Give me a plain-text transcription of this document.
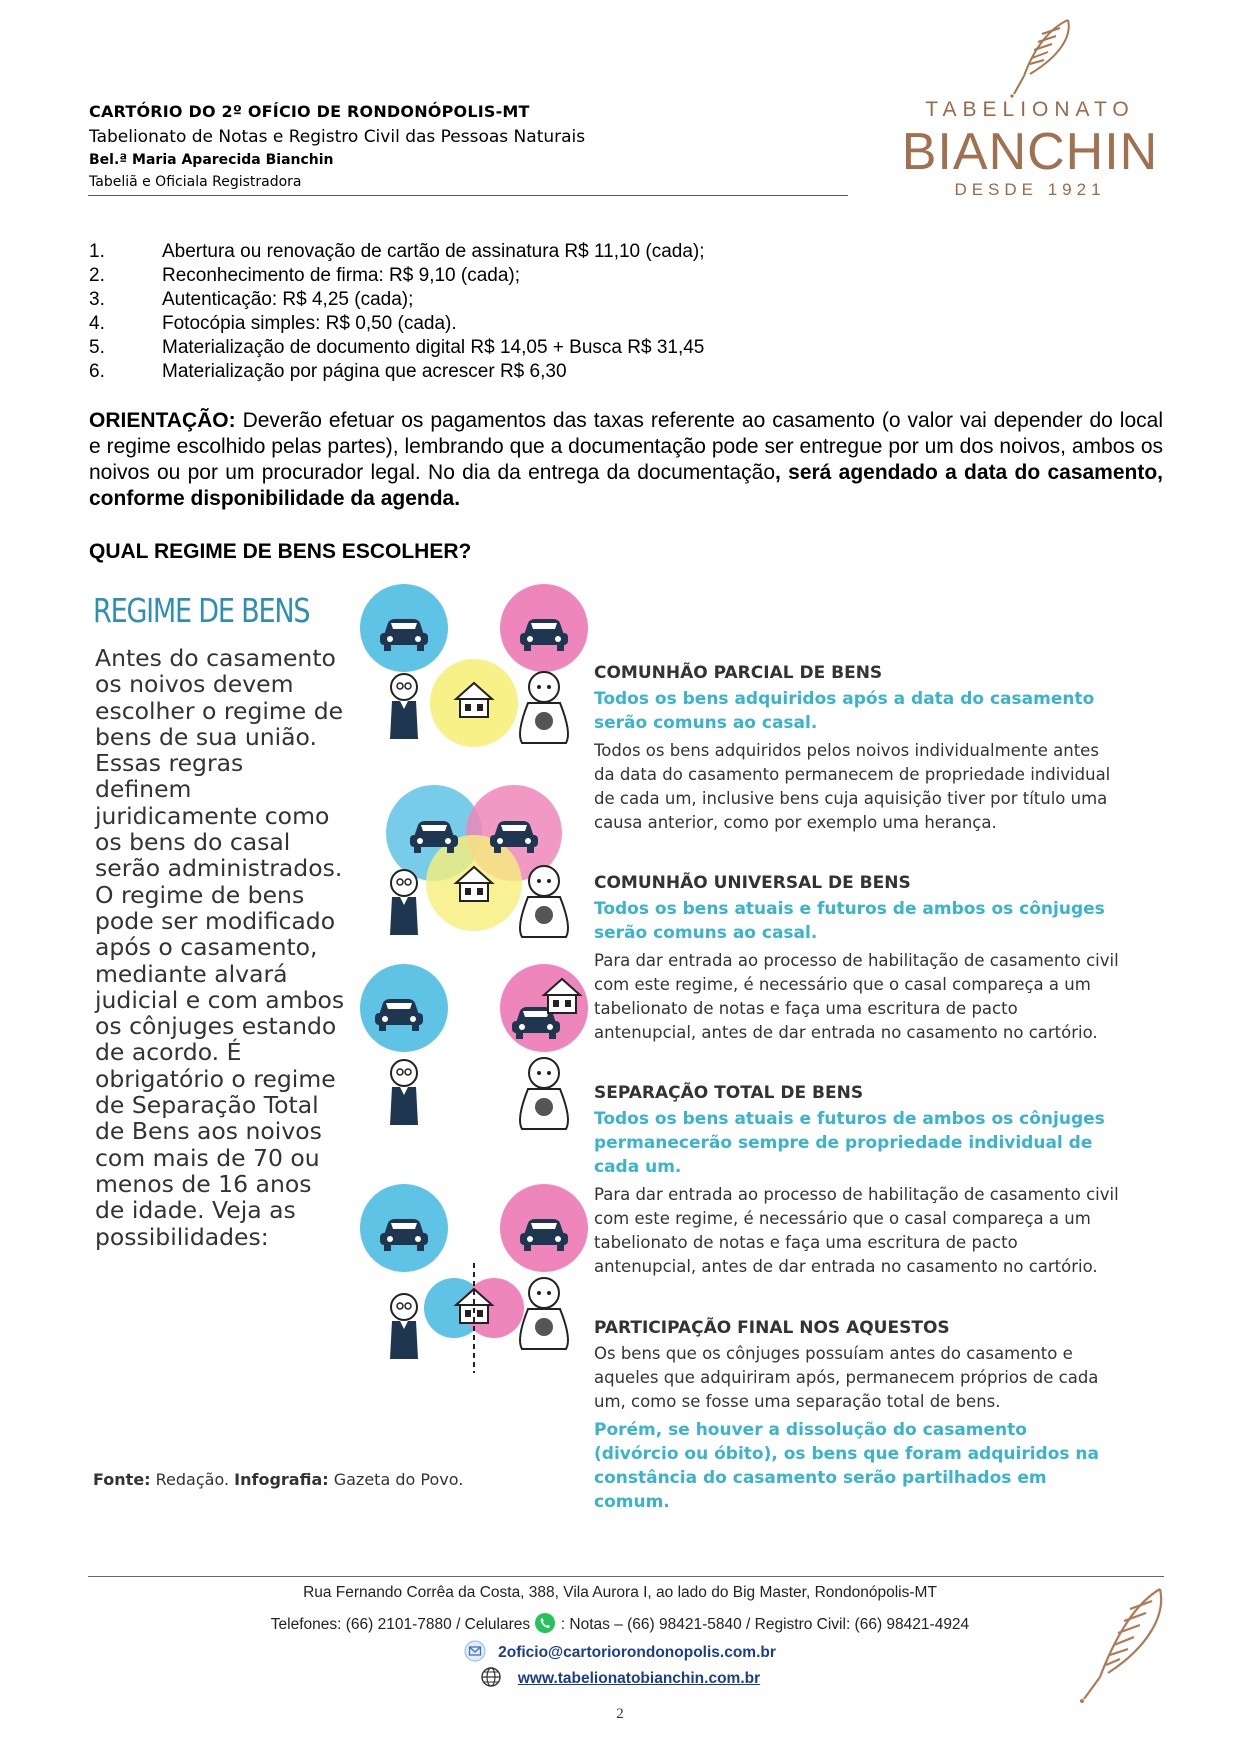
CARTÓRIO DO 2º OFÍCIO DE RONDONÓPOLIS-MT
Tabelionato de Notas e Registro Civil das Pessoas Naturais
Bel.ª Maria Aparecida Bianchin
Tabeliã e Oficiala Registradora
TABELIONATO
BIANCHIN
DESDE 1921
1.	Abertura ou renovação de cartão de assinatura R$ 11,10 (cada);
2.	Reconhecimento de firma: R$ 9,10 (cada);
3.	Autenticação: R$ 4,25 (cada);
4.	Fotocópia simples: R$ 0,50 (cada).
5.	Materialização de documento digital R$ 14,05 + Busca R$ 31,45
6.	Materialização por página que acrescer R$ 6,30
ORIENTAÇÃO: Deverão efetuar os pagamentos das taxas referente ao casamento (o valor vai depender do local e regime escolhido pelas partes), lembrando que a documentação pode ser entregue por um dos noivos, ambos os noivos ou por um procurador legal. No dia da entrega da documentação, será agendado a data do casamento, conforme disponibilidade da agenda.
QUAL REGIME DE BENS ESCOLHER?
REGIME DE BENS
Antes do casamento os noivos devem escolher o regime de bens de sua união. Essas regras definem juridicamente como os bens do casal serão administrados. O regime de bens pode ser modificado após o casamento, mediante alvará judicial e com ambos os cônjuges estando de acordo. É obrigatório o regime de Separação Total de Bens aos noivos com mais de 70 ou menos de 16 anos de idade. Veja as possibilidades:
COMUNHÃO PARCIAL DE BENS
Todos os bens adquiridos após a data do casamento serão comuns ao casal.
Todos os bens adquiridos pelos noivos individualmente antes da data do casamento permanecem de propriedade individual de cada um, inclusive bens cuja aquisição tiver por título uma causa anterior, como por exemplo uma herança.
COMUNHÃO UNIVERSAL DE BENS
Todos os bens atuais e futuros de ambos os cônjuges serão comuns ao casal.
Para dar entrada ao processo de habilitação de casamento civil com este regime, é necessário que o casal compareça a um tabelionato de notas e faça uma escritura de pacto antenupcial, antes de dar entrada no casamento no cartório.
SEPARAÇÃO TOTAL DE BENS
Todos os bens atuais e futuros de ambos os cônjuges permanecerão sempre de propriedade individual de cada um.
Para dar entrada ao processo de habilitação de casamento civil com este regime, é necessário que o casal compareça a um tabelionato de notas e faça uma escritura de pacto antenupcial, antes de dar entrada no casamento no cartório.
PARTICIPAÇÃO FINAL NOS AQUESTOS
Os bens que os cônjuges possuíam antes do casamento e aqueles que adquiriram após, permanecem próprios de cada um, como se fosse uma separação total de bens.
Porém, se houver a dissolução do casamento (divórcio ou óbito), os bens que foram adquiridos na constância do casamento serão partilhados em comum.
Fonte: Redação. Infografia: Gazeta do Povo.
Rua Fernando Corrêa da Costa, 388, Vila Aurora I, ao lado do Big Master, Rondonópolis-MT
Telefones: (66) 2101-7880 / Celulares : Notas – (66) 98421-5840 / Registro Civil: (66) 98421-4924
2oficio@cartoriorondonopolis.com.br
www.tabelionatobianchin.com.br
2
